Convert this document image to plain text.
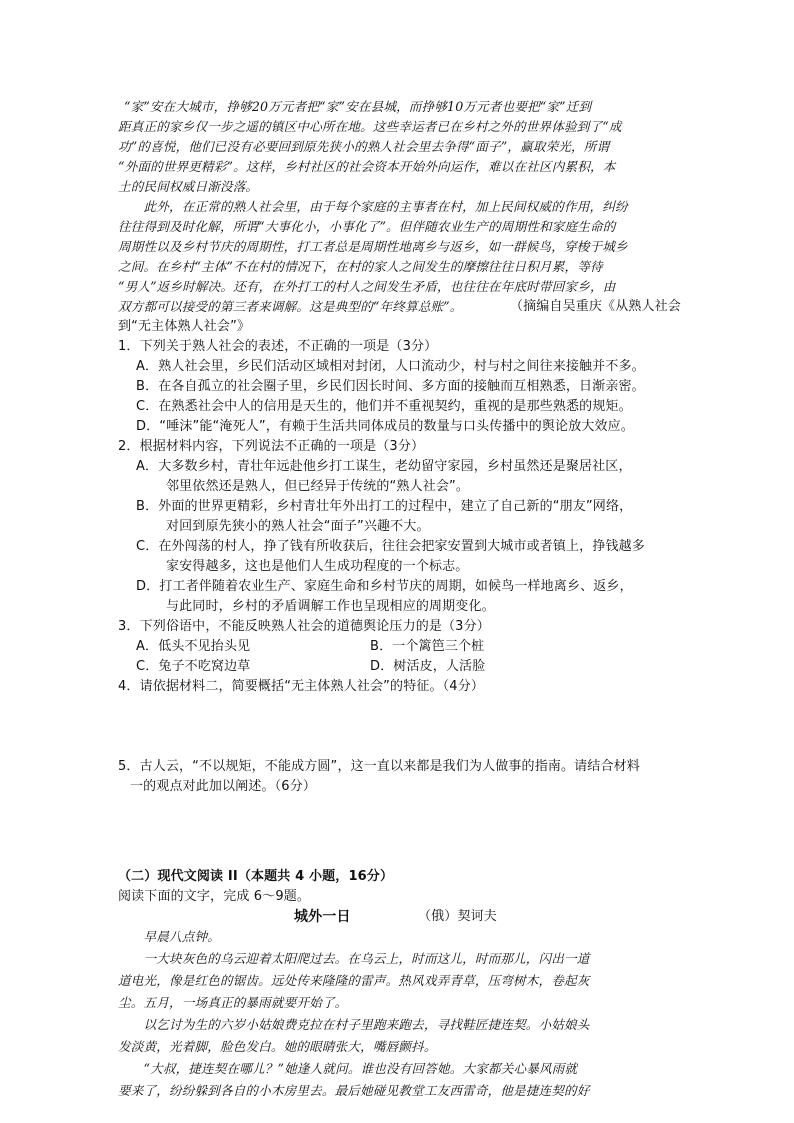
“家”安在大城市，挣够20万元者把“家”安在县城，而挣够10万元者也要把“家”迁到
距真正的家乡仅一步之遥的镇区中心所在地。这些幸运者已在乡村之外的世界体验到了“成
功”的喜悦，他们已没有必要回到原先狭小的熟人社会里去争得“面子”，赢取荣光，所谓
“外面的世界更精彩”。这样，乡村社区的社会资本开始外向运作，难以在社区内累积，本
土的民间权威日渐没落。
　　此外，在正常的熟人社会里，由于每个家庭的主事者在村，加上民间权威的作用，纠纷
往往得到及时化解，所谓“大事化小，小事化了”。但伴随农业生产的周期性和家庭生命的
周期性以及乡村节庆的周期性，打工者总是周期性地离乡与返乡，如一群候鸟，穿梭于城乡
之间。在乡村“主体”不在村的情况下，在村的家人之间发生的摩擦往往日积月累，等待
“男人”返乡时解决。还有，在外打工的村人之间发生矛盾，也往往在年底时带回家乡，由
双方都可以接受的第三者来调解。这是典型的“年终算总账”。	（摘编自吴重庆《从熟人社会
到“无主体熟人社会”》
1．下列关于熟人社会的表述，不正确的一项是（3分）
A．熟人社会里，乡民们活动区域相对封闭，人口流动少，村与村之间往来接触并不多。
B．在各自孤立的社会圈子里，乡民们因长时间、多方面的接触而互相熟悉，日渐亲密。
C．在熟悉社会中人的信用是天生的，他们并不重视契约，重视的是那些熟悉的规矩。
D．“唾沫”能“淹死人”，有赖于生活共同体成员的数量与口头传播中的舆论放大效应。
2．根据材料内容，下列说法不正确的一项是（3分）
A．大多数乡村，青壮年远赴他乡打工谋生，老幼留守家园，乡村虽然还是聚居社区，
邻里依然还是熟人，但已经异于传统的“熟人社会”。
B．外面的世界更精彩，乡村青壮年外出打工的过程中，建立了自己新的“朋友”网络，
对回到原先狭小的熟人社会“面子”兴趣不大。
C．在外闯荡的村人，挣了钱有所收获后，往往会把家安置到大城市或者镇上，挣钱越多
家安得越多，这也是他们人生成功程度的一个标志。
D．打工者伴随着农业生产、家庭生命和乡村节庆的周期，如候鸟一样地离乡、返乡，
与此同时，乡村的矛盾调解工作也呈现相应的周期变化。
3．下列俗语中，不能反映熟人社会的道德舆论压力的是（3分）
A．低头不见抬头见	B．一个篱笆三个桩
C．兔子不吃窝边草	D．树活皮，人活脸
4．请依据材料二，简要概括“无主体熟人社会”的特征。（4分）
5．古人云，“不以规矩，不能成方圆”，这一直以来都是我们为人做事的指南。请结合材料
一的观点对此加以阐述。（6分）
（二）现代文阅读 II（本题共 4 小题，16分）
阅读下面的文字，完成 6～9题。
城外一日	（俄）契诃夫
　　早晨八点钟。
　　一大块灰色的乌云迎着太阳爬过去。在乌云上，时而这儿，时而那儿，闪出一道
道电光，像是红色的锯齿。远处传来隆隆的雷声。热风戏弄青草，压弯树木，卷起灰
尘。五月，一场真正的暴雨就要开始了。
　　以乞讨为生的六岁小姑娘费克拉在村子里跑来跑去，寻找鞋匠捷连契。小姑娘头
发淡黄，光着脚，脸色发白。她的眼睛张大，嘴唇颤抖。
　　“大叔，捷连契在哪儿？”她逢人就问。谁也没有回答她。大家都关心暴风雨就
要来了，纷纷躲到各自的小木房里去。最后她碰见教堂工友西雷奇，他是捷连契的好
